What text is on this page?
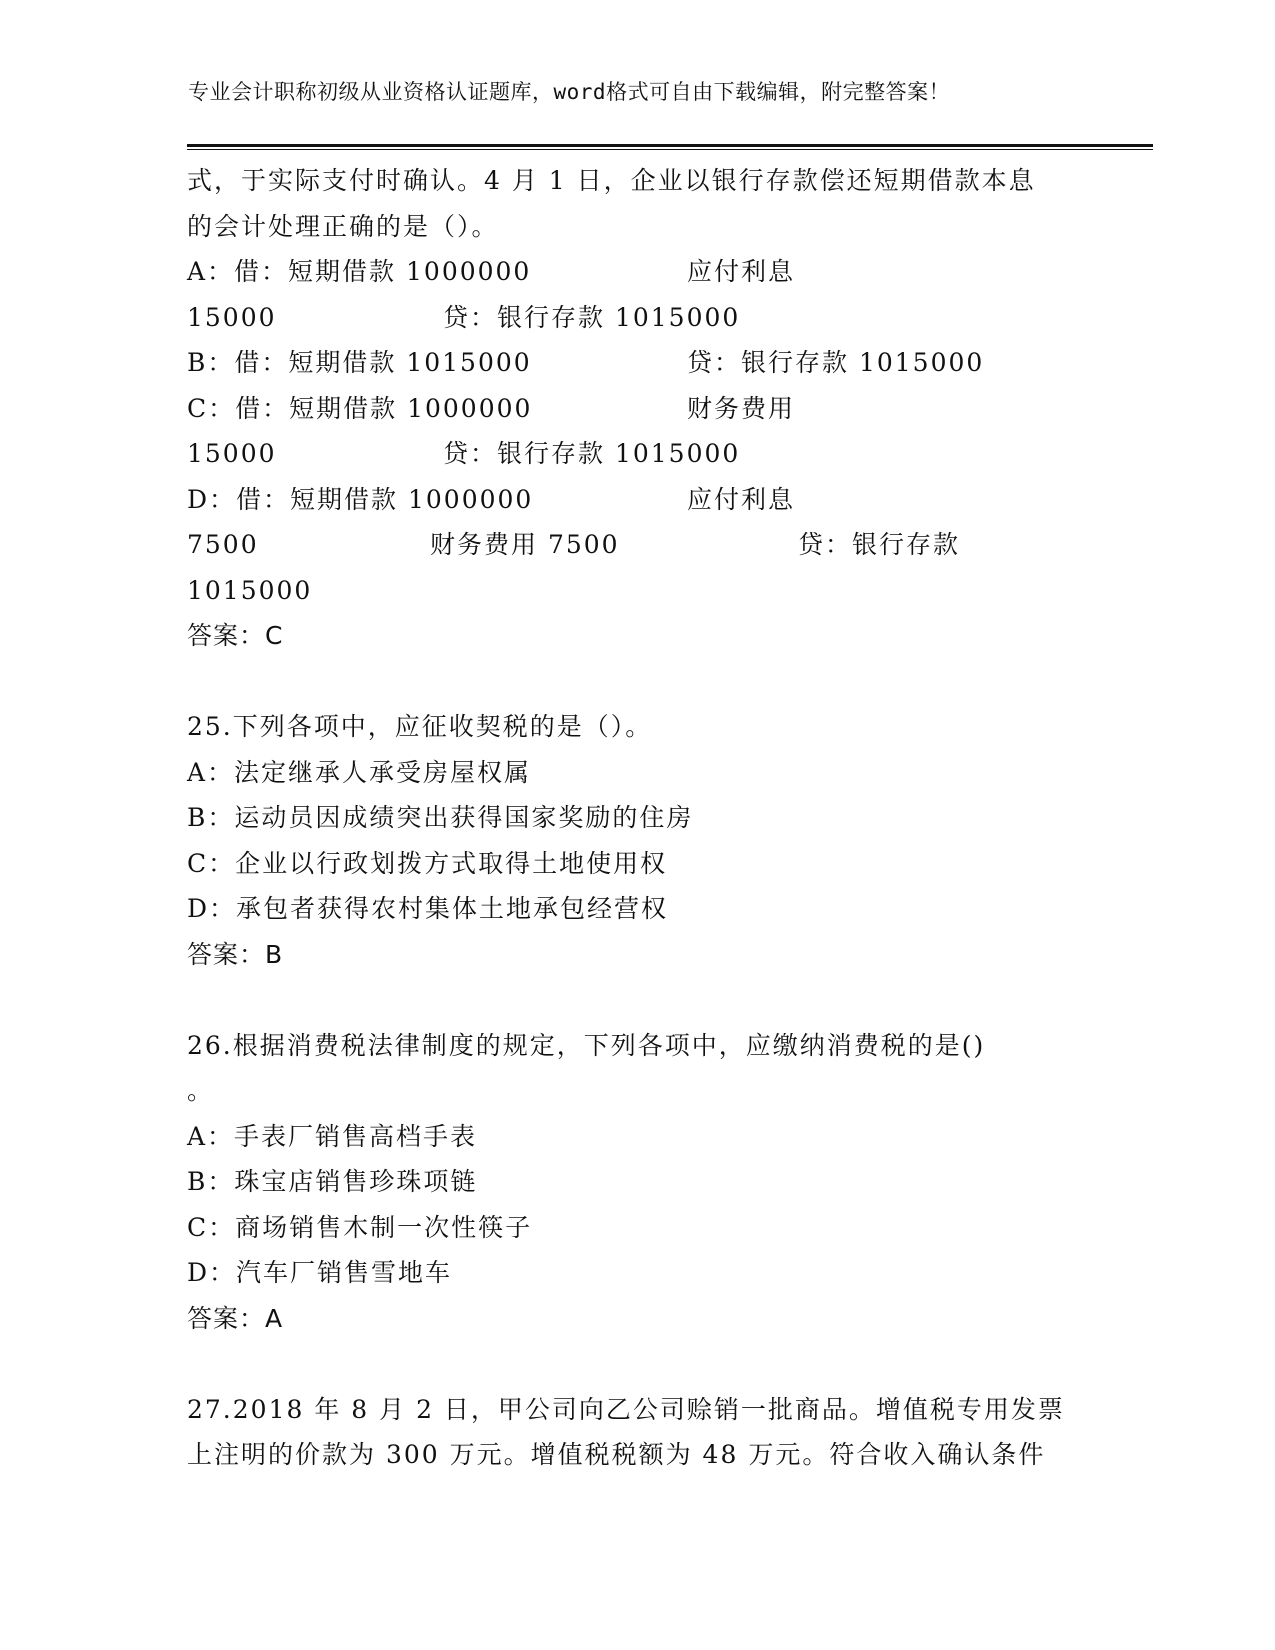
专业会计职称初级从业资格认证题库，word格式可自由下载编辑，附完整答案！
式，于实际支付时确认。4 月 1 日，企业以银行存款偿还短期借款本息
的会计处理正确的是（）。
A：借：短期借款 1000000	应付利息
15000	贷：银行存款 1015000
B：借：短期借款 1015000	贷：银行存款 1015000
C：借：短期借款 1000000	财务费用
15000	贷：银行存款 1015000
D：借：短期借款 1000000	应付利息
7500	财务费用 7500	贷：银行存款
1015000
答案：C
25.下列各项中，应征收契税的是（）。
A：法定继承人承受房屋权属
B：运动员因成绩突出获得国家奖励的住房
C：企业以行政划拨方式取得土地使用权
D：承包者获得农村集体土地承包经营权
答案：B
26.根据消费税法律制度的规定，下列各项中，应缴纳消费税的是()
。
A：手表厂销售高档手表
B：珠宝店销售珍珠项链
C：商场销售木制一次性筷子
D：汽车厂销售雪地车
答案：A
27.2018 年 8 月 2 日，甲公司向乙公司赊销一批商品。增值税专用发票
上注明的价款为 300 万元。增值税税额为 48 万元。符合收入确认条件
